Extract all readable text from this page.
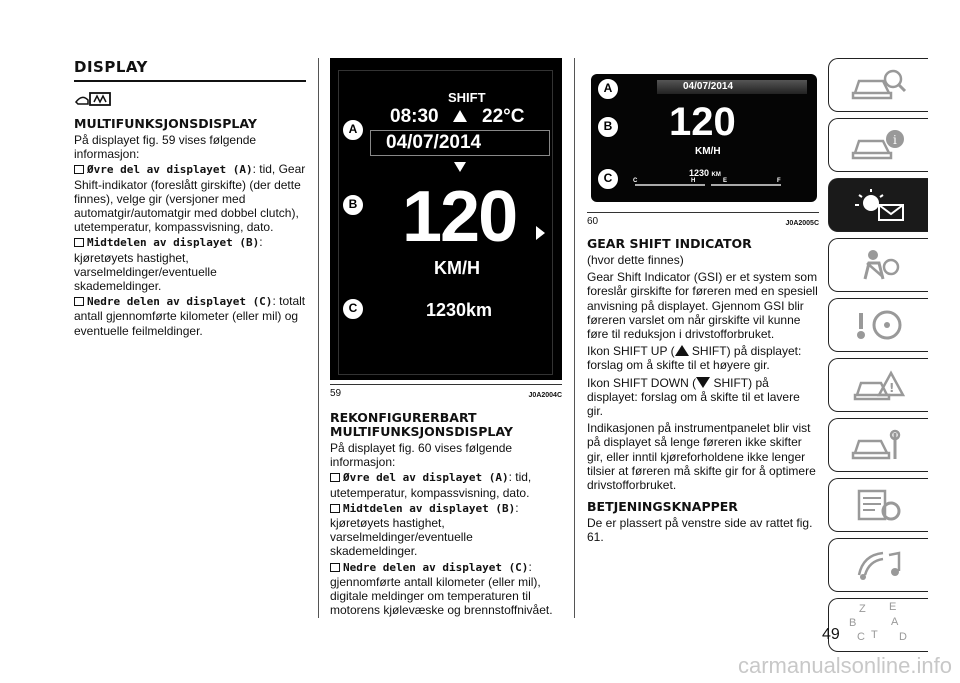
DISPLAY
MULTIFUNKSJONSDISPLAY

På displayet fig. 59 vises følgende informasjon:

Øvre del av displayet (A): tid, Gear Shift-indikator (foreslått girskifte) (der dette finnes), velge gir (versjoner med automatgir/automatgir med dobbel clutch), utetemperatur, kompassvisning, dato.
Midtdelen av displayet (B): kjøretøyets hastighet, varselmeldinger/eventuelle skademeldinger.
Nedre delen av displayet (C): totalt antall gjennomførte kilometer (eller mil) og eventuelle feilmeldinger.
SHIFT
08:30 22°C
04/07/2014
120
KM/H
1230km
A
B
C
59	J0A2004C
REKONFIGURERBART MULTIFUNKSJONSDISPLAY

På displayet fig. 60 vises følgende informasjon:

Øvre del av displayet (A): tid, utetemperatur, kompassvisning, dato.
Midtdelen av displayet (B): kjøretøyets hastighet, varselmeldinger/eventuelle skademeldinger.
Nedre delen av displayet (C): gjennomførte antall kilometer (eller mil), digitale meldinger om temperaturen til motorens kjølevæske og brennstoffnivået.
04/07/2014
120
KM/H
1230 KM
C	H	E	F
A
B
C
60	J0A2005C
GEAR SHIFT INDICATOR

(hvor dette finnes)

Gear Shift Indicator (GSI) er et system som foreslår girskifte for føreren med en spesiell anvisning på displayet. Gjennom GSI blir føreren varslet om når girskifte vil kunne føre til reduksjon i drivstofforbruket.

Ikon SHIFT UP ( SHIFT) på displayet: forslag om å skifte til et høyere gir.

Ikon SHIFT DOWN ( SHIFT) på displayet: forslag om å skifte til et lavere gir.

Indikasjonen på instrumentpanelet blir vist på displayet så lenge føreren ikke skifter gir, eller inntil kjøreforholdene ikke lenger tilsier at føreren må skifte gir for å optimere drivstofforbruket.

BETJENINGSKNAPPER

De er plassert på venstre side av rattet fig. 61.

i
!
Z E
B	A
C T D
49
carmanualsonline.info
